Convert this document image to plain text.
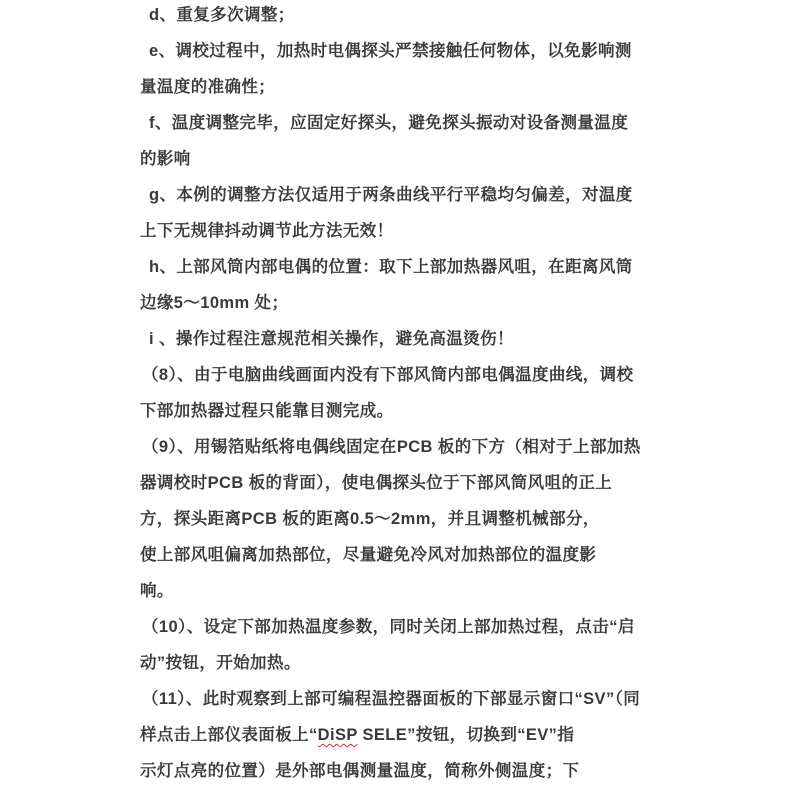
d、重复多次调整；
e、调校过程中，加热时电偶探头严禁接触任何物体，以免影响测
量温度的准确性；
f、温度调整完毕，应固定好探头，避免探头振动对设备测量温度
的影响
g、本例的调整方法仅适用于两条曲线平行平稳均匀偏差，对温度
上下无规律抖动调节此方法无效！
h、上部风筒内部电偶的位置：取下上部加热器风咀，在距离风筒
边缘5～10mm 处；
i 、操作过程注意规范相关操作，避免高温烫伤！
（8）、由于电脑曲线画面内没有下部风筒内部电偶温度曲线，调校
下部加热器过程只能靠目测完成。
（9）、用锡箔贴纸将电偶线固定在PCB 板的下方（相对于上部加热
器调校时PCB 板的背面），使电偶探头位于下部风筒风咀的正上
方，探头距离PCB 板的距离0.5～2mm，并且调整机械部分，
使上部风咀偏离加热部位，尽量避免冷风对加热部位的温度影
响。
（10）、设定下部加热温度参数，同时关闭上部加热过程，点击“启
动”按钮，开始加热。
（11）、此时观察到上部可编程温控器面板的下部显示窗口“SV”（同
样点击上部仪表面板上“DiSP SELE”按钮，切换到“EV”指
示灯点亮的位置）是外部电偶测量温度，简称外侧温度；下
